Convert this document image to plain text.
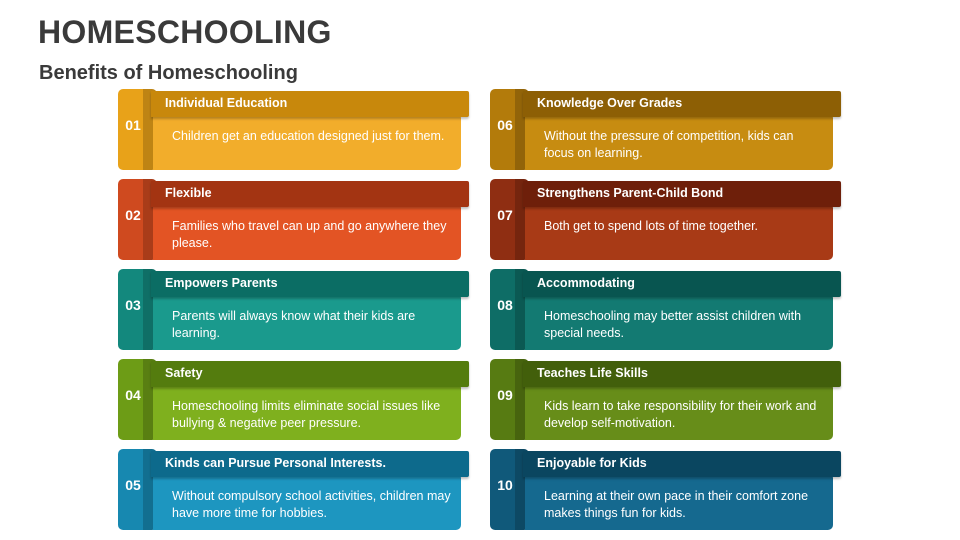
HOMESCHOOLING
Benefits of Homeschooling

Children get an education designed just for them.

Individual Education
01

Families who travel can up and go anywhere they please.

Flexible
02

Parents will always know what their kids are learning.

Empowers Parents
03

Homeschooling limits eliminate social issues like bullying & negative peer pressure.

Safety
04

Without compulsory school activities, children may have more time for hobbies.

Kinds can Pursue Personal Interests.
05

Without the pressure of competition, kids can focus on learning.

Knowledge Over Grades
06

Both get to spend lots of time together.

Strengthens Parent-Child Bond
07

Homeschooling may better assist children with special needs.

Accommodating
08

Kids learn to take responsibility for their work and develop self-motivation.

Teaches Life Skills
09

Learning at their own pace in their comfort zone makes things fun for kids.

Enjoyable for Kids
10
